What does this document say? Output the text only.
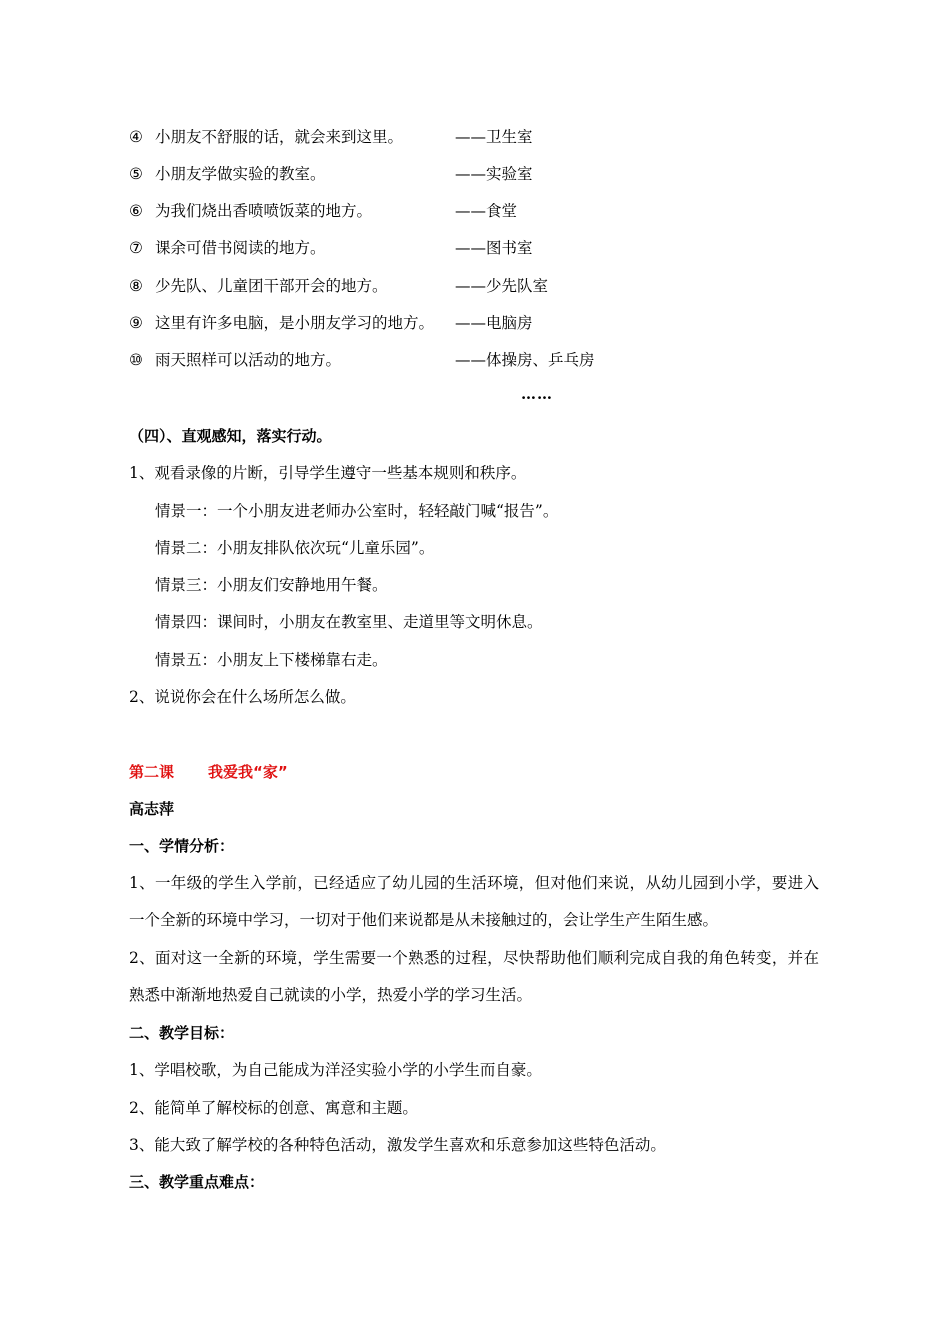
④ 小朋友不舒服的话，就会来到这里。	——卫生室
⑤ 小朋友学做实验的教室。	——实验室
⑥ 为我们烧出香喷喷饭菜的地方。	——食堂
⑦ 课余可借书阅读的地方。	——图书室
⑧ 少先队、儿童团干部开会的地方。	——少先队室
⑨ 这里有许多电脑，是小朋友学习的地方。 ——电脑房
⑩ 雨天照样可以活动的地方。	——体操房、乒乓房
……
（四）、直观感知，落实行动。
1、观看录像的片断，引导学生遵守一些基本规则和秩序。
情景一：一个小朋友进老师办公室时，轻轻敲门喊“报告”。
情景二：小朋友排队依次玩“儿童乐园”。
情景三：小朋友们安静地用午餐。
情景四：课间时，小朋友在教室里、走道里等文明休息。
情景五：小朋友上下楼梯靠右走。
2、说说你会在什么场所怎么做。
第二课 我爱我“家”
高志萍
一、学情分析：
1、一年级的学生入学前，已经适应了幼儿园的生活环境，但对他们来说，从幼儿园到小学，要进入一个全新的环境中学习，一切对于他们来说都是从未接触过的，会让学生产生陌生感。
2、面对这一全新的环境，学生需要一个熟悉的过程，尽快帮助他们顺利完成自我的角色转变，并在熟悉中渐渐地热爱自己就读的小学，热爱小学的学习生活。
二、教学目标：
1、学唱校歌，为自己能成为洋泾实验小学的小学生而自豪。
2、能简单了解校标的创意、寓意和主题。
3、能大致了解学校的各种特色活动，激发学生喜欢和乐意参加这些特色活动。
三、教学重点难点：
